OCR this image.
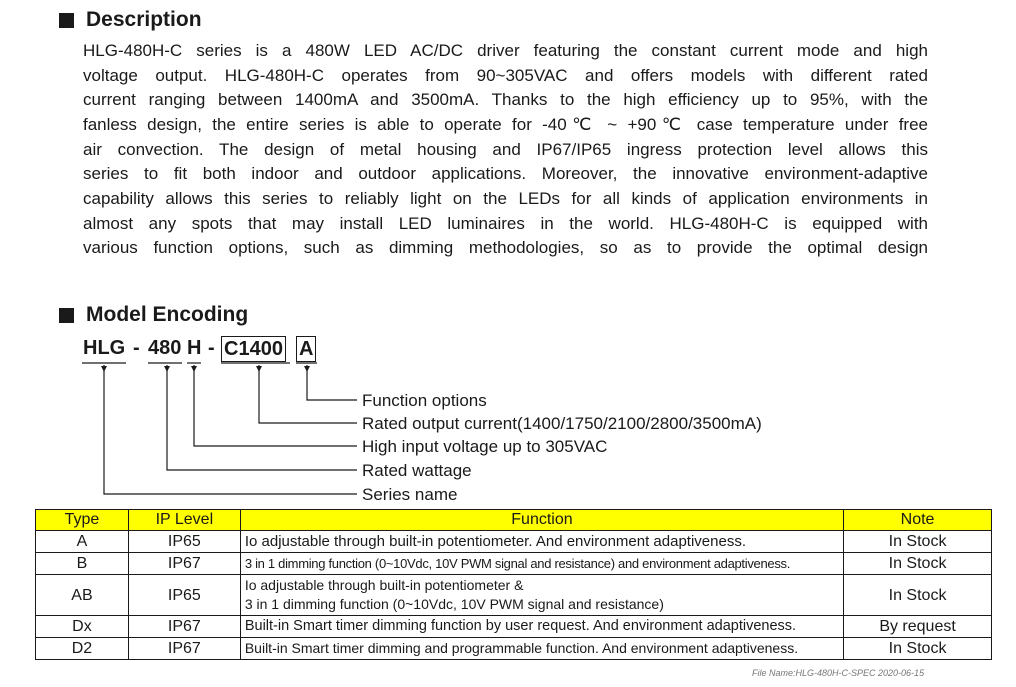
Description
HLG-480H-C series is a 480W LED AC/DC driver featuring the constant current mode and high
voltage output. HLG-480H-C operates from 90~305VAC and offers models with different rated
current ranging between 1400mA and 3500mA. Thanks to the high efficiency up to 95%, with the
fanless design, the entire series is able to operate for -40℃ ~ +90℃ case temperature under free
air convection. The design of metal housing and IP67/IP65 ingress protection level allows this
series to fit both indoor and outdoor applications. Moreover, the innovative environment-adaptive
capability allows this series to reliably light on the LEDs for all kinds of application environments in
almost any spots that may install LED luminaires in the world. HLG-480H-C is equipped with
various function options, such as dimming methodologies, so as to provide the optimal design
Model Encoding
HLG - 480 H - C1400 A
Function options
Rated output current(1400/1750/2100/2800/3500mA)
High input voltage up to 305VAC
Rated wattage
Series name
Type	IP Level	Function	Note
A	IP65	Io adjustable through built-in potentiometer. And environment adaptiveness.	In Stock
B	IP67	3 in 1 dimming function (0~10Vdc, 10V PWM signal and resistance) and environment adaptiveness.	In Stock
AB	IP65	Io adjustable through built-in potentiometer &
3 in 1 dimming function (0~10Vdc, 10V PWM signal and resistance)	In Stock
Dx	IP67	Built-in Smart timer dimming function by user request. And environment adaptiveness.	By request
D2	IP67	Built-in Smart timer dimming and programmable function. And environment adaptiveness.	In Stock
File Name:HLG-480H-C-SPEC 2020-06-15
